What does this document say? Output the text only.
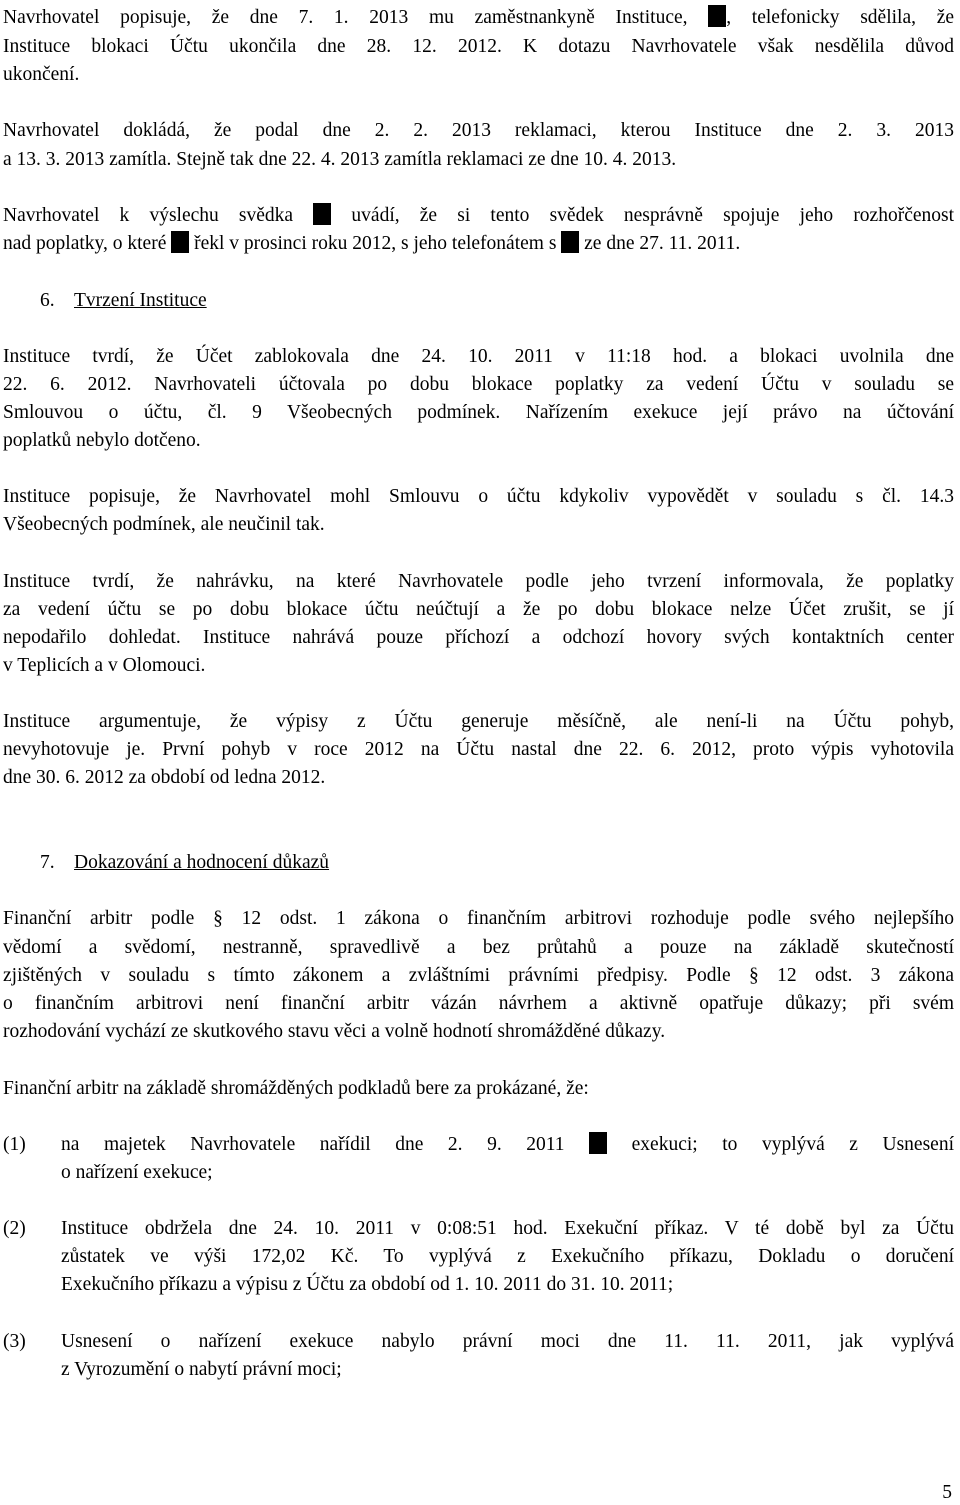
Navrhovatel popisuje, že dne 7. 1. 2013 mu zaměstnankyně Instituce, , telefonicky sdělila, že
Instituce blokaci Účtu ukončila dne 28. 12. 2012. K dotazu Navrhovatele však nesdělila důvod
ukončení.
Navrhovatel dokládá, že podal dne 2. 2. 2013 reklamaci, kterou Instituce dne 2. 3. 2013
a 13. 3. 2013 zamítla. Stejně tak dne 22. 4. 2013 zamítla reklamaci ze dne 10. 4. 2013.
Navrhovatel k výslechu svědka	uvádí, že si tento svědek nesprávně spojuje jeho rozhořčenost
nad poplatky, o které řekl v prosinci roku 2012, s jeho telefonátem s ze dne 27. 11. 2011.
6. Tvrzení Instituce
Instituce tvrdí, že Účet zablokovala dne 24. 10. 2011 v 11:18 hod. a blokaci uvolnila dne
22. 6. 2012. Navrhovateli účtovala po dobu blokace poplatky za vedení Účtu v souladu se
Smlouvou o účtu, čl. 9 Všeobecných podmínek. Nařízením exekuce její právo na účtování
poplatků nebylo dotčeno.
Instituce popisuje, že Navrhovatel mohl Smlouvu o účtu kdykoliv vypovědět v souladu s čl. 14.3
Všeobecných podmínek, ale neučinil tak.
Instituce tvrdí, že nahrávku, na které Navrhovatele podle jeho tvrzení informovala, že poplatky
za vedení účtu se po dobu blokace účtu neúčtují a že po dobu blokace nelze Účet zrušit, se jí
nepodařilo dohledat. Instituce nahrává pouze příchozí a odchozí hovory svých kontaktních center
v Teplicích a v Olomouci.
Instituce argumentuje, že výpisy z Účtu generuje měsíčně, ale není-li na Účtu pohyb,
nevyhotovuje je. První pohyb v roce 2012 na Účtu nastal dne 22. 6. 2012, proto výpis vyhotovila
dne 30. 6. 2012 za období od ledna 2012.
7. Dokazování a hodnocení důkazů
Finanční arbitr podle § 12 odst. 1 zákona o finančním arbitrovi rozhoduje podle svého nejlepšího
vědomí a svědomí, nestranně, spravedlivě a bez průtahů a pouze na základě skutečností
zjištěných v souladu s tímto zákonem a zvláštními právními předpisy. Podle § 12 odst. 3 zákona
o finančním arbitrovi není finanční arbitr vázán návrhem a aktivně opatřuje důkazy; při svém
rozhodování vychází ze skutkového stavu věci a volně hodnotí shromážděné důkazy.
Finanční arbitr na základě shromážděných podkladů bere za prokázané, že:
(1) na majetek Navrhovatele nařídil dne 2. 9. 2011	exekuci; to vyplývá z Usnesení
o nařízení exekuce;
(2) Instituce obdržela dne 24. 10. 2011 v 0:08:51 hod. Exekuční příkaz. V té době byl za Účtu
zůstatek ve výši 172,02 Kč. To vyplývá z Exekučního příkazu, Dokladu o doručení
Exekučního příkazu a výpisu z Účtu za období od 1. 10. 2011 do 31. 10. 2011;
(3) Usnesení o nařízení exekuce nabylo právní moci dne 11. 11. 2011, jak vyplývá
z Vyrozumění o nabytí právní moci;
5
